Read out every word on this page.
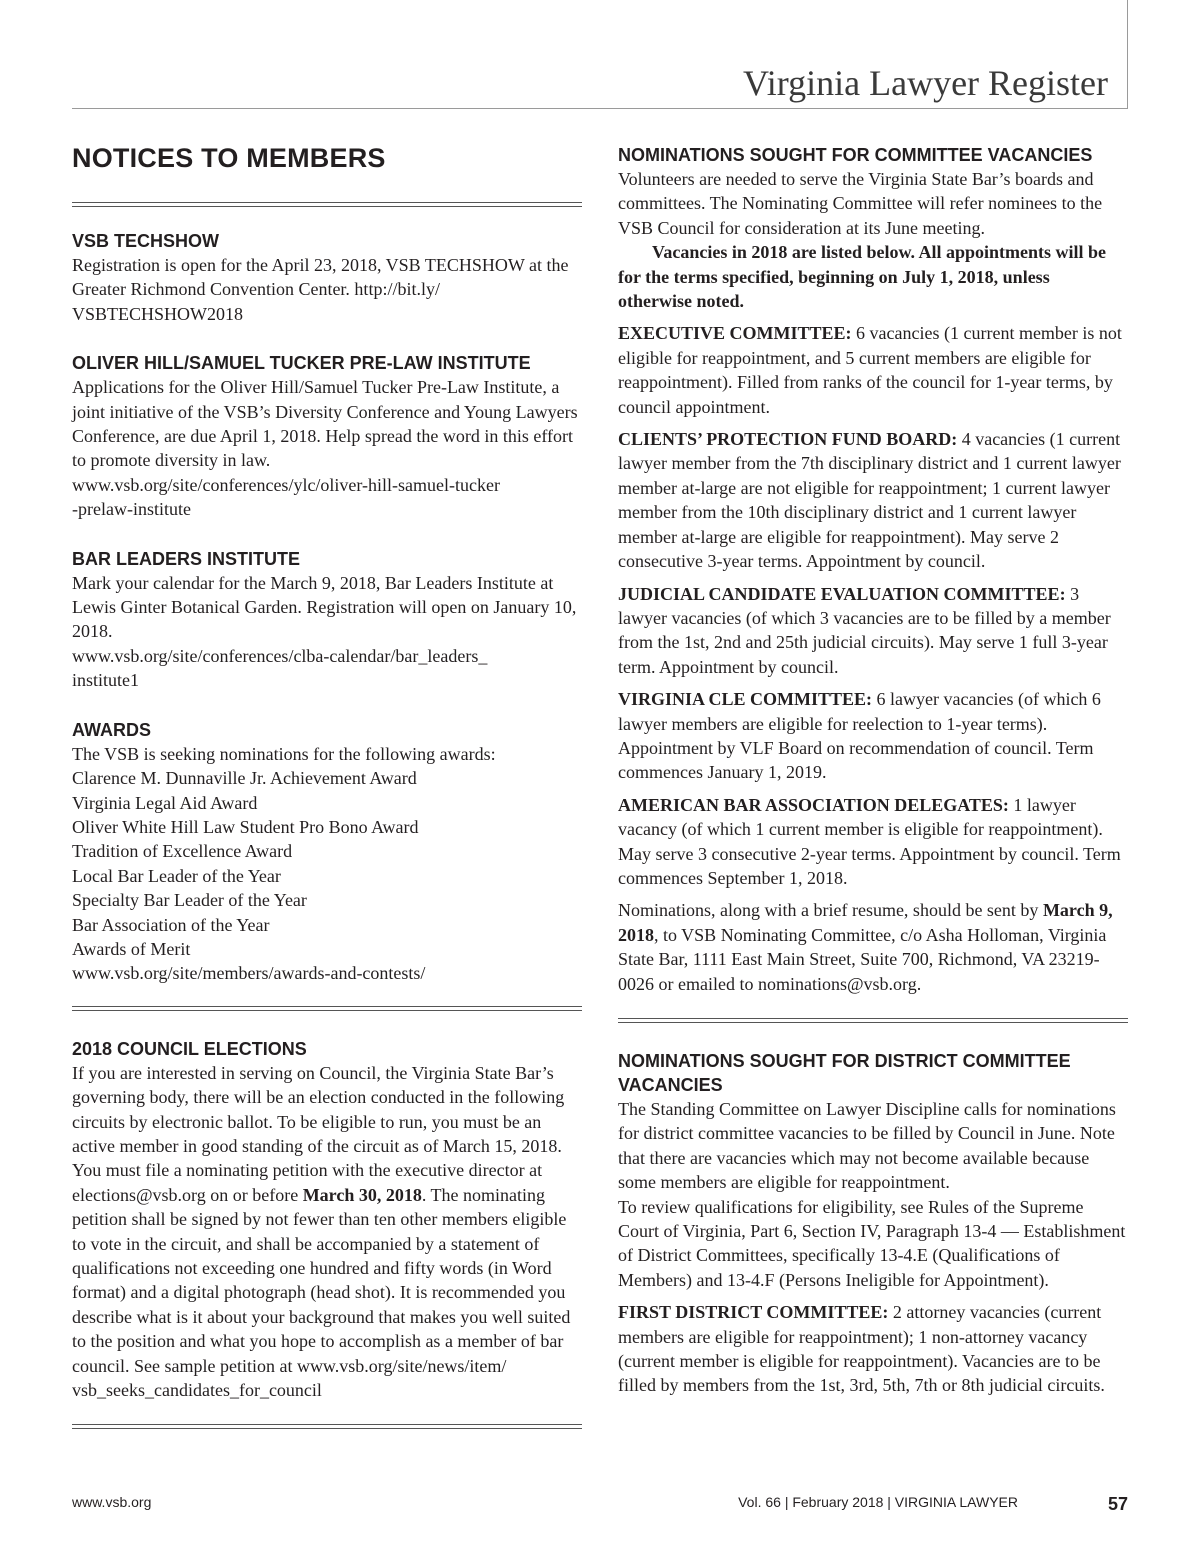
Virginia Lawyer Register
NOTICES TO MEMBERS
VSB TECHSHOW

Registration is open for the April 23, 2018, VSB TECHSHOW at the Greater Richmond Convention Center. http://bit.ly/ VSBTECHSHOW2018

OLIVER HILL/SAMUEL TUCKER PRE-LAW INSTITUTE

Applications for the Oliver Hill/Samuel Tucker Pre-Law Institute, a joint initiative of the VSB’s Diversity Conference and Young Lawyers Conference, are due April 1, 2018. Help spread the word in this effort to promote diversity in law.

www.vsb.org/site/conferences/ylc/oliver-hill-samuel-tucker
-prelaw-institute

BAR LEADERS INSTITUTE

Mark your calendar for the March 9, 2018, Bar Leaders Institute at Lewis Ginter Botanical Garden. Registration will open on January 10, 2018.

www.vsb.org/site/conferences/clba-calendar/bar_leaders_
institute1

AWARDS
The VSB is seeking nominations for the following awards:
Clarence M. Dunnaville Jr. Achievement Award
Virginia Legal Aid Award
Oliver White Hill Law Student Pro Bono Award
Tradition of Excellence Award
Local Bar Leader of the Year
Specialty Bar Leader of the Year
Bar Association of the Year
Awards of Merit
www.vsb.org/site/members/awards-and-contests/
2018 COUNCIL ELECTIONS

If you are interested in serving on Council, the Virginia State Bar’s governing body, there will be an election conducted in the following circuits by electronic ballot. To be eligible to run, you must be an active member in good standing of the circuit as of March 15, 2018. You must file a nominating petition with the executive director at elections@vsb.org on or before March 30, 2018. The nominating petition shall be signed by not fewer than ten other members eligible to vote in the circuit, and shall be accompanied by a statement of qualifications not exceeding one hundred and fifty words (in Word format) and a digital photograph (head shot). It is recommended you describe what is it about your background that makes you well suited to the position and what you hope to accomplish as a member of bar council. See sample petition at www.vsb.org/site/news/item/ vsb_seeks_candidates_for_council

NOMINATIONS SOUGHT FOR COMMITTEE VACANCIES

Volunteers are needed to serve the Virginia State Bar’s boards and committees. The Nominating Committee will refer nominees to the VSB Council for consideration at its June meeting.

Vacancies in 2018 are listed below. All appointments will be for the terms specified, beginning on July 1, 2018, unless otherwise noted.

EXECUTIVE COMMITTEE: 6 vacancies (1 current member is not eligible for reappointment, and 5 current members are eligible for reappointment). Filled from ranks of the council for 1-year terms, by council appointment.

CLIENTS’ PROTECTION FUND BOARD: 4 vacancies (1 current lawyer member from the 7th disciplinary district and 1 current lawyer member at-large are not eligible for reappointment; 1 current lawyer member from the 10th disciplinary district and 1 current lawyer member at-large are eligible for reappointment). May serve 2 consecutive 3-year terms. Appointment by council.

JUDICIAL CANDIDATE EVALUATION COMMITTEE: 3 lawyer vacancies (of which 3 vacancies are to be filled by a member from the 1st, 2nd and 25th judicial circuits). May serve 1 full 3-year term. Appointment by council.

VIRGINIA CLE COMMITTEE: 6 lawyer vacancies (of which 6 lawyer members are eligible for reelection to 1-year terms). Appointment by VLF Board on recommendation of council. Term commences January 1, 2019.

AMERICAN BAR ASSOCIATION DELEGATES: 1 lawyer vacancy (of which 1 current member is eligible for reappointment). May serve 3 consecutive 2-year terms. Appointment by council. Term commences September 1, 2018.

Nominations, along with a brief resume, should be sent by March 9, 2018, to VSB Nominating Committee, c/o Asha Holloman, Virginia State Bar, 1111 East Main Street, Suite 700, Richmond, VA 23219-0026 or emailed to nominations@vsb.org.

NOMINATIONS SOUGHT FOR DISTRICT COMMITTEE VACANCIES

The Standing Committee on Lawyer Discipline calls for nominations for district committee vacancies to be filled by Council in June. Note that there are vacancies which may not become available because some members are eligible for reappointment.

To review qualifications for eligibility, see Rules of the Supreme Court of Virginia, Part 6, Section IV, Paragraph 13-4 — Establishment of District Committees, specifically 13-4.E (Qualifications of Members) and 13-4.F (Persons Ineligible for Appointment).

FIRST DISTRICT COMMITTEE: 2 attorney vacancies (current members are eligible for reappointment); 1 non-attorney vacancy (current member is eligible for reappointment). Vacancies are to be filled by members from the 1st, 3rd, 5th, 7th or 8th judicial circuits.

www.vsb.org	Vol. 66 | February 2018 | VIRGINIA LAWYER	57
